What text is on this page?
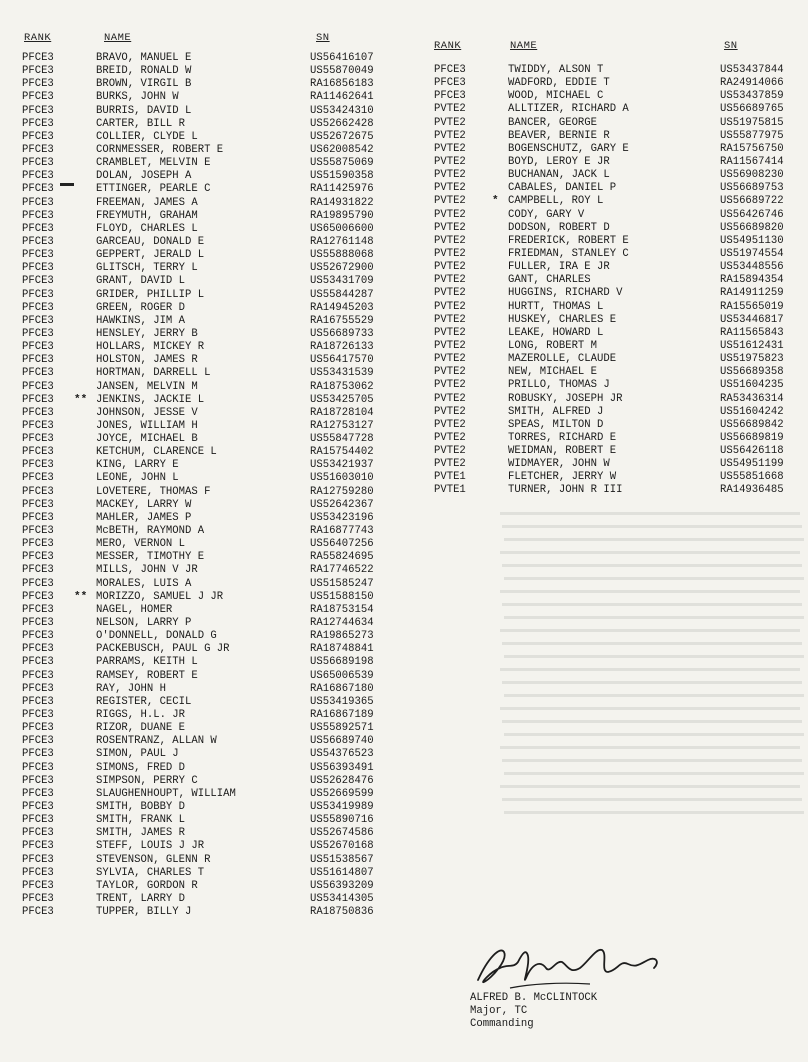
RANK	NAME	SN
RANK	NAME	SN
PFCE3	BRAVO, MANUEL E	US56416107
PFCE3	BREID, RONALD W	US55870049
PFCE3	BROWN, VIRGIL B	RA16856183
PFCE3	BURKS, JOHN W	RA11462641
PFCE3	BURRIS, DAVID L	US53424310
PFCE3	CARTER, BILL R	US52662428
PFCE3	COLLIER, CLYDE L	US52672675
PFCE3	CORNMESSER, ROBERT E	US62008542
PFCE3	CRAMBLET, MELVIN E	US55875069
PFCE3	DOLAN, JOSEPH A	US51590358
PFCE3	ETTINGER, PEARLE C	RA11425976
PFCE3	FREEMAN, JAMES A	RA14931822
PFCE3	FREYMUTH, GRAHAM	RA19895790
PFCE3	FLOYD, CHARLES L	US65006600
PFCE3	GARCEAU, DONALD E	RA12761148
PFCE3	GEPPERT, JERALD L	US55888068
PFCE3	GLITSCH, TERRY L	US52672900
PFCE3	GRANT, DAVID L	US53431709
PFCE3	GRIDER, PHILLIP L	US55844287
PFCE3	GREEN, ROGER D	RA14945203
PFCE3	HAWKINS, JIM A	RA16755529
PFCE3	HENSLEY, JERRY B	US56689733
PFCE3	HOLLARS, MICKEY R	RA18726133
PFCE3	HOLSTON, JAMES R	US56417570
PFCE3	HORTMAN, DARRELL L	US53431539
PFCE3	JANSEN, MELVIN M	RA18753062
PFCE3	JENKINS, JACKIE L	US53425705
**
PFCE3	JOHNSON, JESSE V	RA18728104
PFCE3	JONES, WILLIAM H	RA12753127
PFCE3	JOYCE, MICHAEL B	US55847728
PFCE3	KETCHUM, CLARENCE L	RA15754402
PFCE3	KING, LARRY E	US53421937
PFCE3	LEONE, JOHN L	US51603010
PFCE3	LOVETERE, THOMAS F	RA12759280
PFCE3	MACKEY, LARRY W	US52642367
PFCE3	MAHLER, JAMES P	US53423196
PFCE3	McBETH, RAYMOND A	RA16877743
PFCE3	MERO, VERNON L	US56407256
PFCE3	MESSER, TIMOTHY E	RA55824695
PFCE3	MILLS, JOHN V JR	RA17746522
PFCE3	MORALES, LUIS A	US51585247
PFCE3	MORIZZO, SAMUEL J JR	US51588150
**
PFCE3	NAGEL, HOMER	RA18753154
PFCE3	NELSON, LARRY P	RA12744634
PFCE3	O'DONNELL, DONALD G	RA19865273
PFCE3	PACKEBUSCH, PAUL G JR	RA18748841
PFCE3	PARRAMS, KEITH L	US56689198
PFCE3	RAMSEY, ROBERT E	US65006539
PFCE3	RAY, JOHN H	RA16867180
PFCE3	REGISTER, CECIL	US53419365
PFCE3	RIGGS, H.L. JR	RA16867189
PFCE3	RIZOR, DUANE E	US55892571
PFCE3	ROSENTRANZ, ALLAN W	US56689740
PFCE3	SIMON, PAUL J	US54376523
PFCE3	SIMONS, FRED D	US56393491
PFCE3	SIMPSON, PERRY C	US52628476
PFCE3	SLAUGHENHOUPT, WILLIAM	US52669599
PFCE3	SMITH, BOBBY D	US53419989
PFCE3	SMITH, FRANK L	US55890716
PFCE3	SMITH, JAMES R	US52674586
PFCE3	STEFF, LOUIS J JR	US52670168
PFCE3	STEVENSON, GLENN R	US51538567
PFCE3	SYLVIA, CHARLES T	US51614807
PFCE3	TAYLOR, GORDON R	US56393209
PFCE3	TRENT, LARRY D	US53414305
PFCE3	TUPPER, BILLY J	RA18750836
PFCE3	TWIDDY, ALSON T	US53437844
PFCE3	WADFORD, EDDIE T	RA24914066
PFCE3	WOOD, MICHAEL C	US53437859
PVTE2	ALLTIZER, RICHARD A	US56689765
PVTE2	BANCER, GEORGE	US51975815
PVTE2	BEAVER, BERNIE R	US55877975
PVTE2	BOGENSCHUTZ, GARY E	RA15756750
PVTE2	BOYD, LEROY E JR	RA11567414
PVTE2	BUCHANAN, JACK L	US56908230
PVTE2	CABALES, DANIEL P	US56689753
PVTE2	CAMPBELL, ROY L	US56689722
*
PVTE2	CODY, GARY V	US56426746
PVTE2	DODSON, ROBERT D	US56689820
PVTE2	FREDERICK, ROBERT E	US54951130
PVTE2	FRIEDMAN, STANLEY C	US51974554
PVTE2	FULLER, IRA E JR	US53448556
PVTE2	GANT, CHARLES	RA15894354
PVTE2	HUGGINS, RICHARD V	RA14911259
PVTE2	HURTT, THOMAS L	RA15565019
PVTE2	HUSKEY, CHARLES E	US53446817
PVTE2	LEAKE, HOWARD L	RA11565843
PVTE2	LONG, ROBERT M	US51612431
PVTE2	MAZEROLLE, CLAUDE	US51975823
PVTE2	NEW, MICHAEL E	US56689358
PVTE2	PRILLO, THOMAS J	US51604235
PVTE2	ROBUSKY, JOSEPH JR	RA53436314
PVTE2	SMITH, ALFRED J	US51604242
PVTE2	SPEAS, MILTON D	US56689842
PVTE2	TORRES, RICHARD E	US56689819
PVTE2	WEIDMAN, ROBERT E	US56426118
PVTE2	WIDMAYER, JOHN W	US54951199
PVTE1	FLETCHER, JERRY W	US55851668
PVTE1	TURNER, JOHN R III	RA14936485
ALFRED B. McCLINTOCK
Major, TC
Commanding
